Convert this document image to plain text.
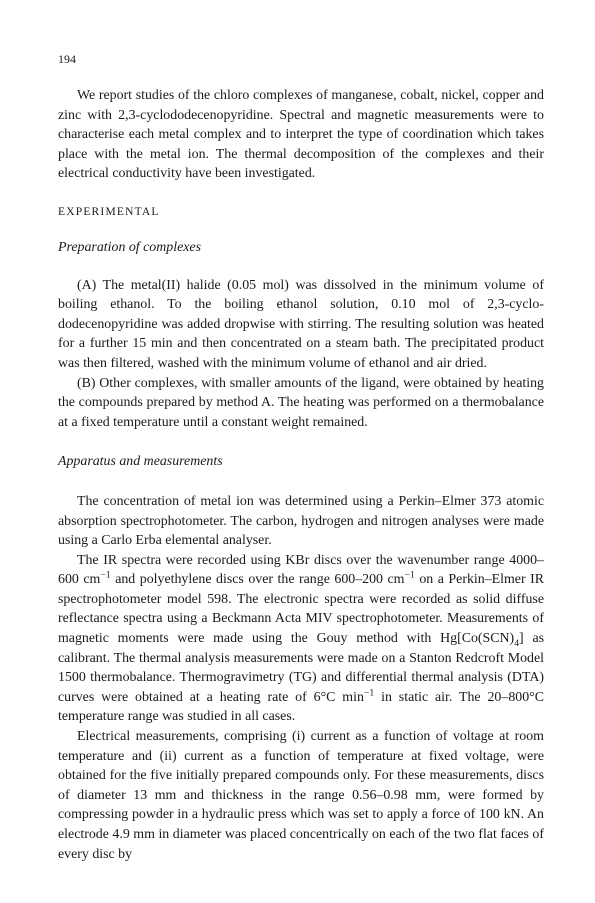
194

We report studies of the chloro complexes of manganese, cobalt, nickel, copper and zinc with 2,3-cyclododecenopyridine. Spectral and magnetic measurements were to characterise each metal complex and to interpret the type of coordination which takes place with the metal ion. The thermal decomposition of the complexes and their electrical conductivity have been investigated.

EXPERIMENTAL
Preparation of complexes

(A) The metal(II) halide (0.05 mol) was dissolved in the minimum volume of boiling ethanol. To the boiling ethanol solution, 0.10 mol of 2,3-cyclododecenopyridine was added dropwise with stirring. The resulting solution was heated for a further 15 min and then concentrated on a steam bath. The precipitated product was then filtered, washed with the minimum volume of ethanol and air dried.

(B) Other complexes, with smaller amounts of the ligand, were obtained by heating the compounds prepared by method A. The heating was performed on a thermobalance at a fixed temperature until a constant weight remained.

Apparatus and measurements

The concentration of metal ion was determined using a Perkin–Elmer 373 atomic absorption spectrophotometer. The carbon, hydrogen and nitrogen analyses were made using a Carlo Erba elemental analyser.

The IR spectra were recorded using KBr discs over the wavenumber range 4000–600 $cm^{-1}$ and polyethylene discs over the range 600–200 $cm^{-1}$ on a Perkin–Elmer IR spectrophotometer model 598. The electronic spectra were recorded as solid diffuse reflectance spectra using a Beckmann Acta MIV spectrophotometer. Measurements of magnetic moments were made using the Gouy method with $Hg[Co(SCN)_4]$ as calibrant. The thermal analysis measurements were made on a Stanton Redcroft Model 1500 thermobalance. Thermogravimetry (TG) and differential thermal analysis (DTA) curves were obtained at a heating rate of 6°C $\min^{-1}$ in static air. The 20–800°C temperature range was studied in all cases.

Electrical measurements, comprising (i) current as a function of voltage at room temperature and (ii) current as a function of temperature at fixed voltage, were obtained for the five initially prepared compounds only. For these measurements, discs of diameter 13 mm and thickness in the range 0.56–0.98 mm, were formed by compressing powder in a hydraulic press which was set to apply a force of 100 kN. An electrode 4.9 mm in diameter was placed concentrically on each of the two flat faces of every disc by
